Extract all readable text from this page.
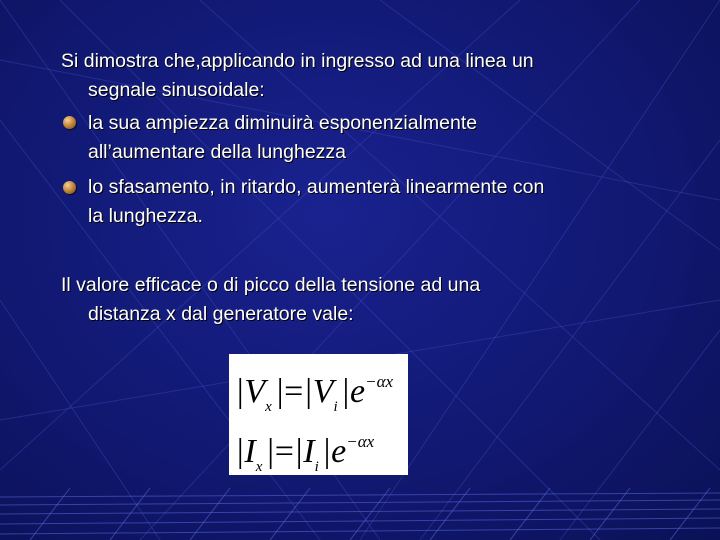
Si dimostra che,applicando in ingresso ad una linea un
segnale sinusoidale:
la sua ampiezza diminuirà esponenzialmente
all’aumentare della lunghezza
lo sfasamento, in ritardo, aumenterà linearmente con
la lunghezza.
Il valore efficace o di picco della tensione ad una
distanza x dal generatore vale:
$|V_x|=|V_i|e^{-\alpha x}$
$|I_x|=|I_i|e^{-\alpha x}$
